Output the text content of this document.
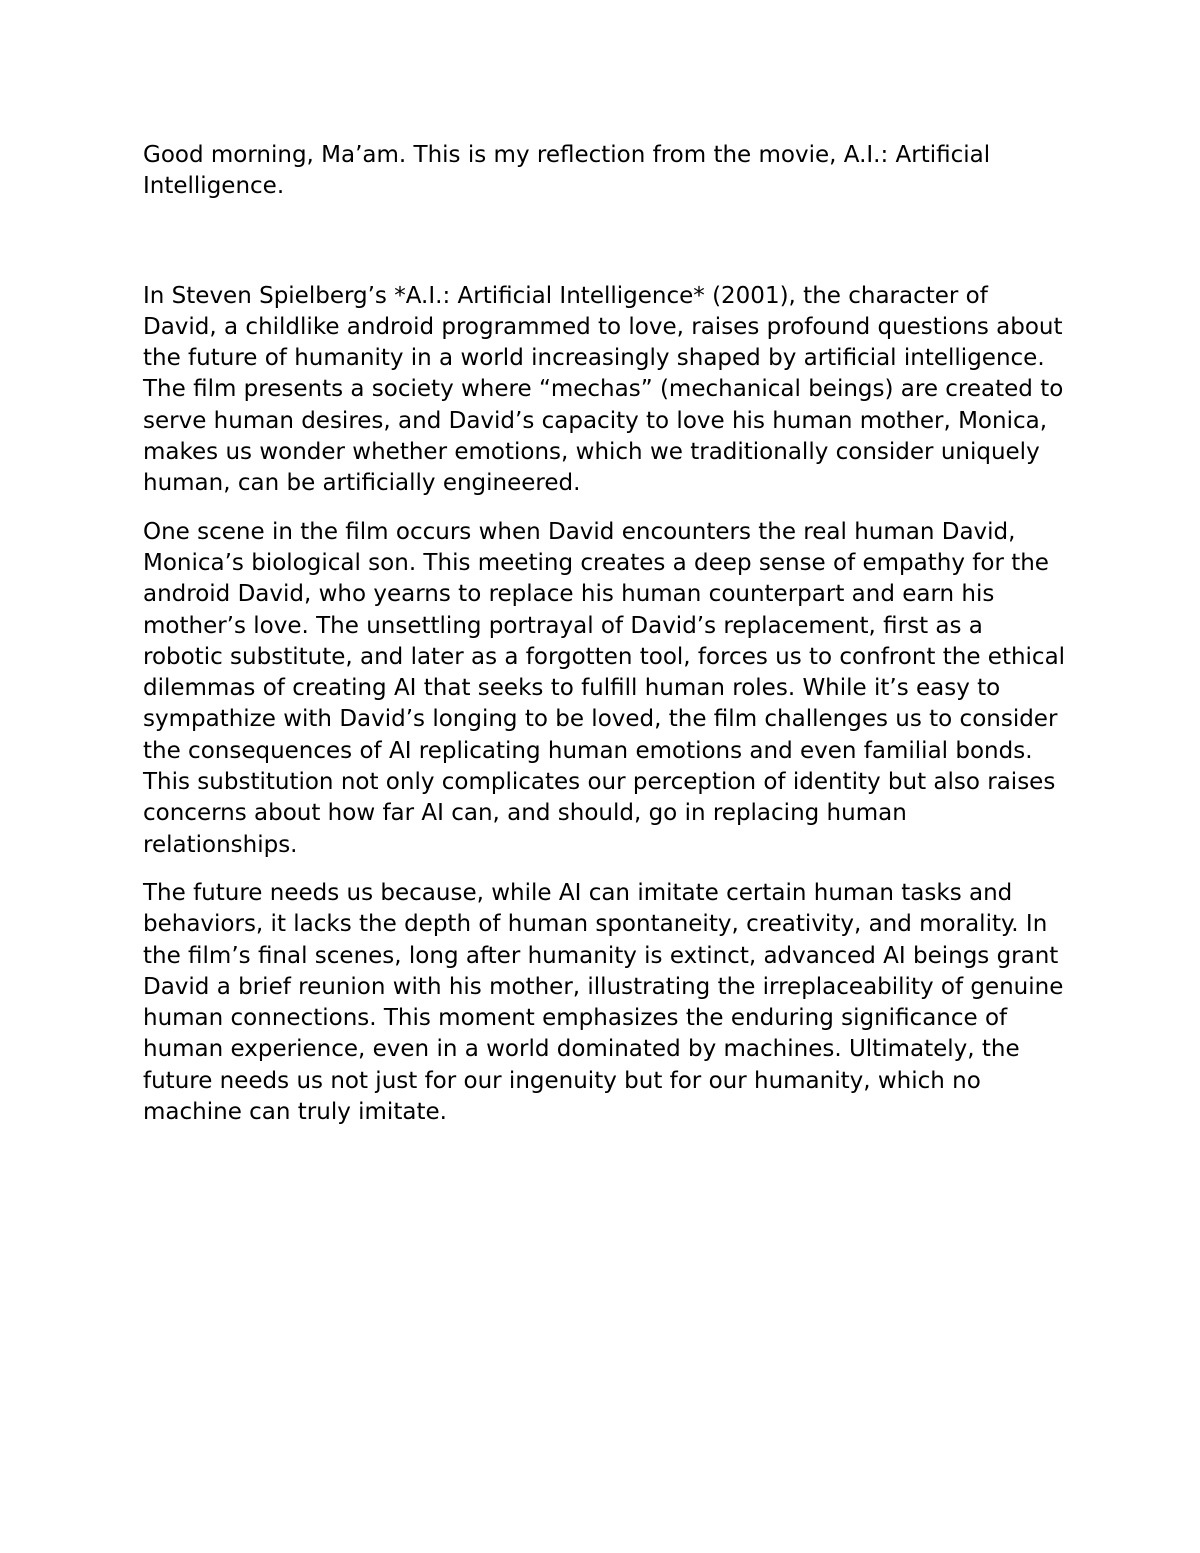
Good morning, Ma’am. This is my reflection from the movie, A.I.: Artificial Intelligence.

In Steven Spielberg’s *A.I.: Artificial Intelligence* (2001), the character of David, a childlike android programmed to love, raises profound questions about the future of humanity in a world increasingly shaped by artificial intelligence. The film presents a society where “mechas” (mechanical beings) are created to serve human desires, and David’s capacity to love his human mother, Monica, makes us wonder whether emotions, which we traditionally consider uniquely human, can be artificially engineered.

One scene in the film occurs when David encounters the real human David, Monica’s biological son. This meeting creates a deep sense of empathy for the android David, who yearns to replace his human counterpart and earn his mother’s love. The unsettling portrayal of David’s replacement, first as a robotic substitute, and later as a forgotten tool, forces us to confront the ethical dilemmas of creating AI that seeks to fulfill human roles. While it’s easy to sympathize with David’s longing to be loved, the film challenges us to consider the consequences of AI replicating human emotions and even familial bonds. This substitution not only complicates our perception of identity but also raises concerns about how far AI can, and should, go in replacing human relationships.

The future needs us because, while AI can imitate certain human tasks and behaviors, it lacks the depth of human spontaneity, creativity, and morality. In the film’s final scenes, long after humanity is extinct, advanced AI beings grant David a brief reunion with his mother, illustrating the irreplaceability of genuine human connections. This moment emphasizes the enduring significance of human experience, even in a world dominated by machines. Ultimately, the future needs us not just for our ingenuity but for our humanity, which no machine can truly imitate.
